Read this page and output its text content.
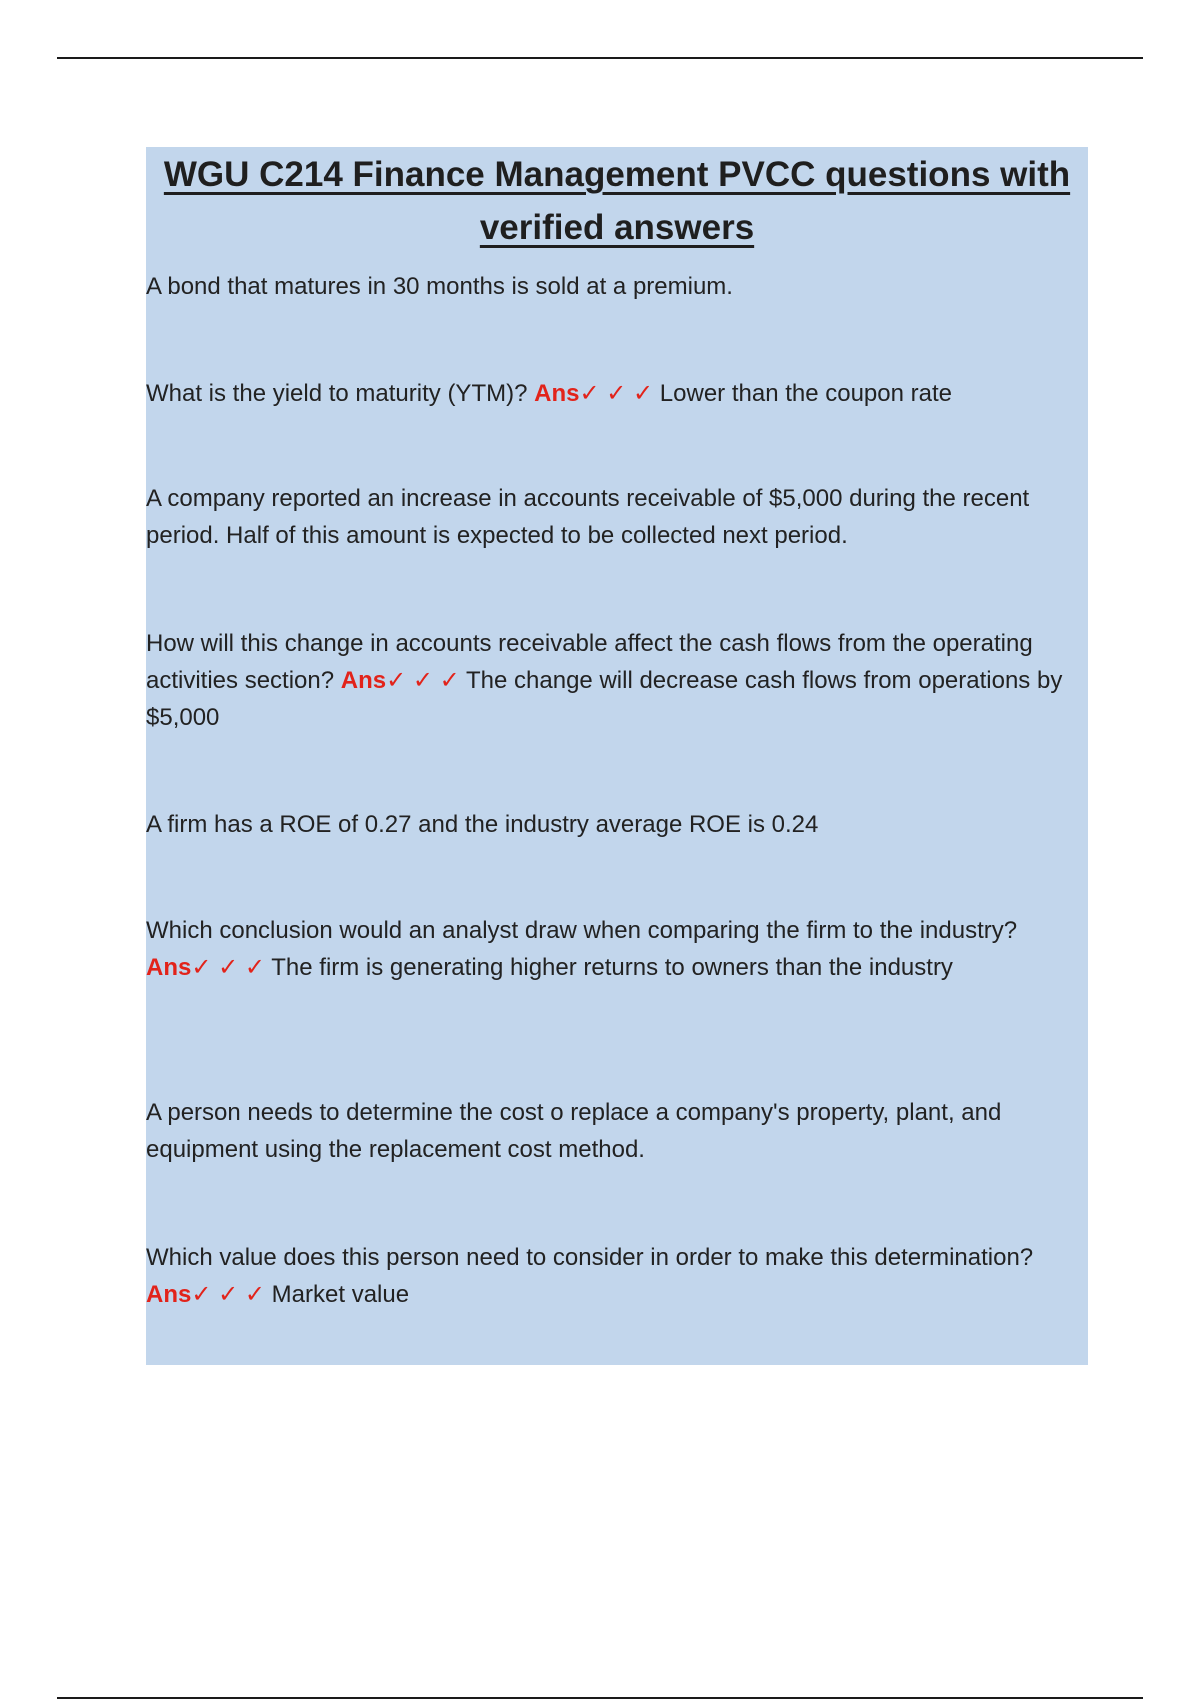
WGU C214 Finance Management PVCC questions with verified answers

A bond that matures in 30 months is sold at a premium.

What is the yield to maturity (YTM)? Ans✓ ✓ ✓ Lower than the coupon rate

A company reported an increase in accounts receivable of $5,000 during the recent period. Half of this amount is expected to be collected next period.

How will this change in accounts receivable affect the cash flows from the operating activities section? Ans✓ ✓ ✓ The change will decrease cash flows from operations by $5,000

A firm has a ROE of 0.27 and the industry average ROE is 0.24

Which conclusion would an analyst draw when comparing the firm to the industry? Ans✓ ✓ ✓ The firm is generating higher returns to owners than the industry

A person needs to determine the cost o replace a company's property, plant, and equipment using the replacement cost method.

Which value does this person need to consider in order to make this determination? Ans✓ ✓ ✓ Market value
